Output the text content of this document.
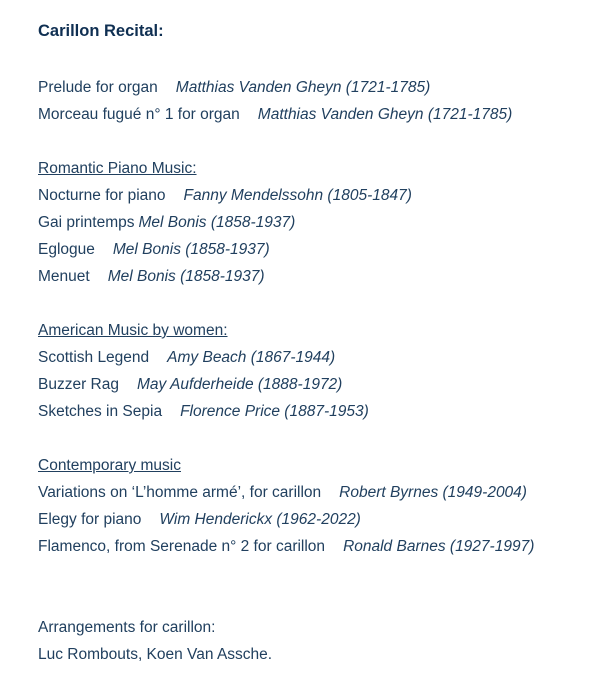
Carillon Recital:
Prelude for organ Matthias Vanden Gheyn (1721-1785)
Morceau fugué n° 1 for organ Matthias Vanden Gheyn (1721-1785)
Romantic Piano Music:
Nocturne for piano Fanny Mendelssohn (1805-1847)
Gai printemps Mel Bonis (1858-1937)
Eglogue Mel Bonis (1858-1937)
Menuet Mel Bonis (1858-1937)
American Music by women:
Scottish Legend Amy Beach (1867-1944)
Buzzer Rag May Aufderheide (1888-1972)
Sketches in Sepia Florence Price (1887-1953)
Contemporary music
Variations on ‘L’homme armé’, for carillon Robert Byrnes (1949-2004)
Elegy for piano Wim Henderickx (1962-2022)
Flamenco, from Serenade n° 2 for carillon Ronald Barnes (1927-1997)
Arrangements for carillon:
Luc Rombouts, Koen Van Assche.
